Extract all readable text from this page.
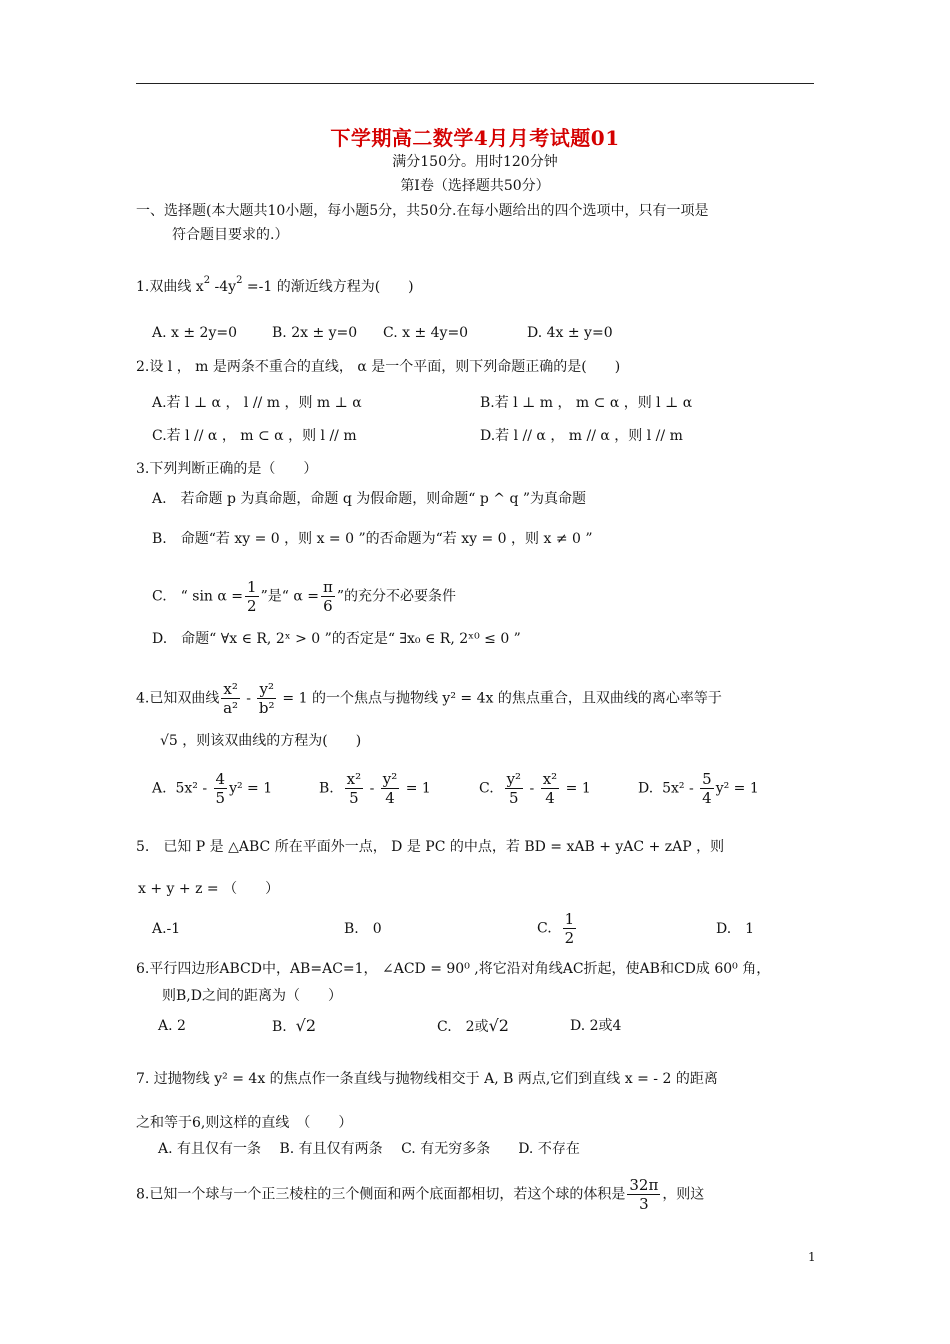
下学期高二数学4月月考试题01
满分150分。用时120分钟
第Ⅰ卷（选择题共50分）
一、选择题(本大题共10小题，每小题5分，共50分.在每小题给出的四个选项中，只有一项是
符合题目要求的.）
1.双曲线 $x^2$ $-4y^2 =-1$ 的渐近线方程为(　　)
A. x ± 2y=0	B. 2x ± y=0 C. x ± 4y=0	D. 4x ± y=0
2.设 l ， m 是两条不重合的直线， α 是一个平面，则下列命题正确的是(　　)
A.若 l ⊥ α ， l // m ，则 m ⊥ α	B.若 l ⊥ m ， m ⊂ α ，则 l ⊥ α
C.若 l // α ， m ⊂ α ，则 l // m	D.若 l // α ， m // α ，则 l // m
3.下列判断正确的是（　　）
A.　若命题 p 为真命题，命题 q 为假命题，则命题“ p ^ q ”为真命题
B.　命题“若 xy = 0 ，则 x = 0 ”的否命题为“若 xy = 0 ，则 x ≠ 0 ”
C.　“ $\sin \alpha = \frac{1}{2}$ ”是“ $\alpha = \frac{\pi}{6}$ ”的充分不必要条件
D.　命题“ ∀x ∈ R, 2ˣ > 0 ”的否定是“ ∃x₀ ∈ R, 2ˣ⁰ ≤ 0 ”
4.已知双曲线 $\frac{\text{x²}}{\text{a²}} - \frac{\text{y²}}{\text{b²}} = 1$ 的一个焦点与抛物线 y² = 4x 的焦点重合，且双曲线的离心率等于
√5 ，则该双曲线的方程为(　　)
A. $5x^2 - \frac{4}{5} y^2 = 1$	B. $\frac{\text{x²}}{5} - \frac{\text{y²}}{4} = 1$	C. $\frac{\text{y²}}{5} - \frac{\text{x²}}{4} = 1$	D. $5x^2 - \frac{5}{4} y^2 = 1$
5.　已知 P 是 △ABC 所在平面外一点， D 是 PC 的中点，若 BD = xAB + yAC + zAP ，则
x + y + z = （　　）
A.-1	B.　0	C. $\frac{1}{2}$	D.　1
6.平行四边形ABCD中，AB=AC=1， ∠ACD = 90⁰ ,将它沿对角线AC折起，使AB和CD成 60⁰ 角，
则B,D之间的距离为（　　）
A. 2	B. √2	C.　2或√2	D. 2或4
7. 过抛物线 y² = 4x 的焦点作一条直线与抛物线相交于 A, B 两点,它们到直线 x = - 2 的距离
之和等于6,则这样的直线　（　　）
A. 有且仅有一条　 B. 有且仅有两条　 C. 有无穷多条　　D. 不存在
8.已知一个球与一个正三棱柱的三个侧面和两个底面都相切，若这个球的体积是 $\frac{32\pi}{3}$ ，则这
1
